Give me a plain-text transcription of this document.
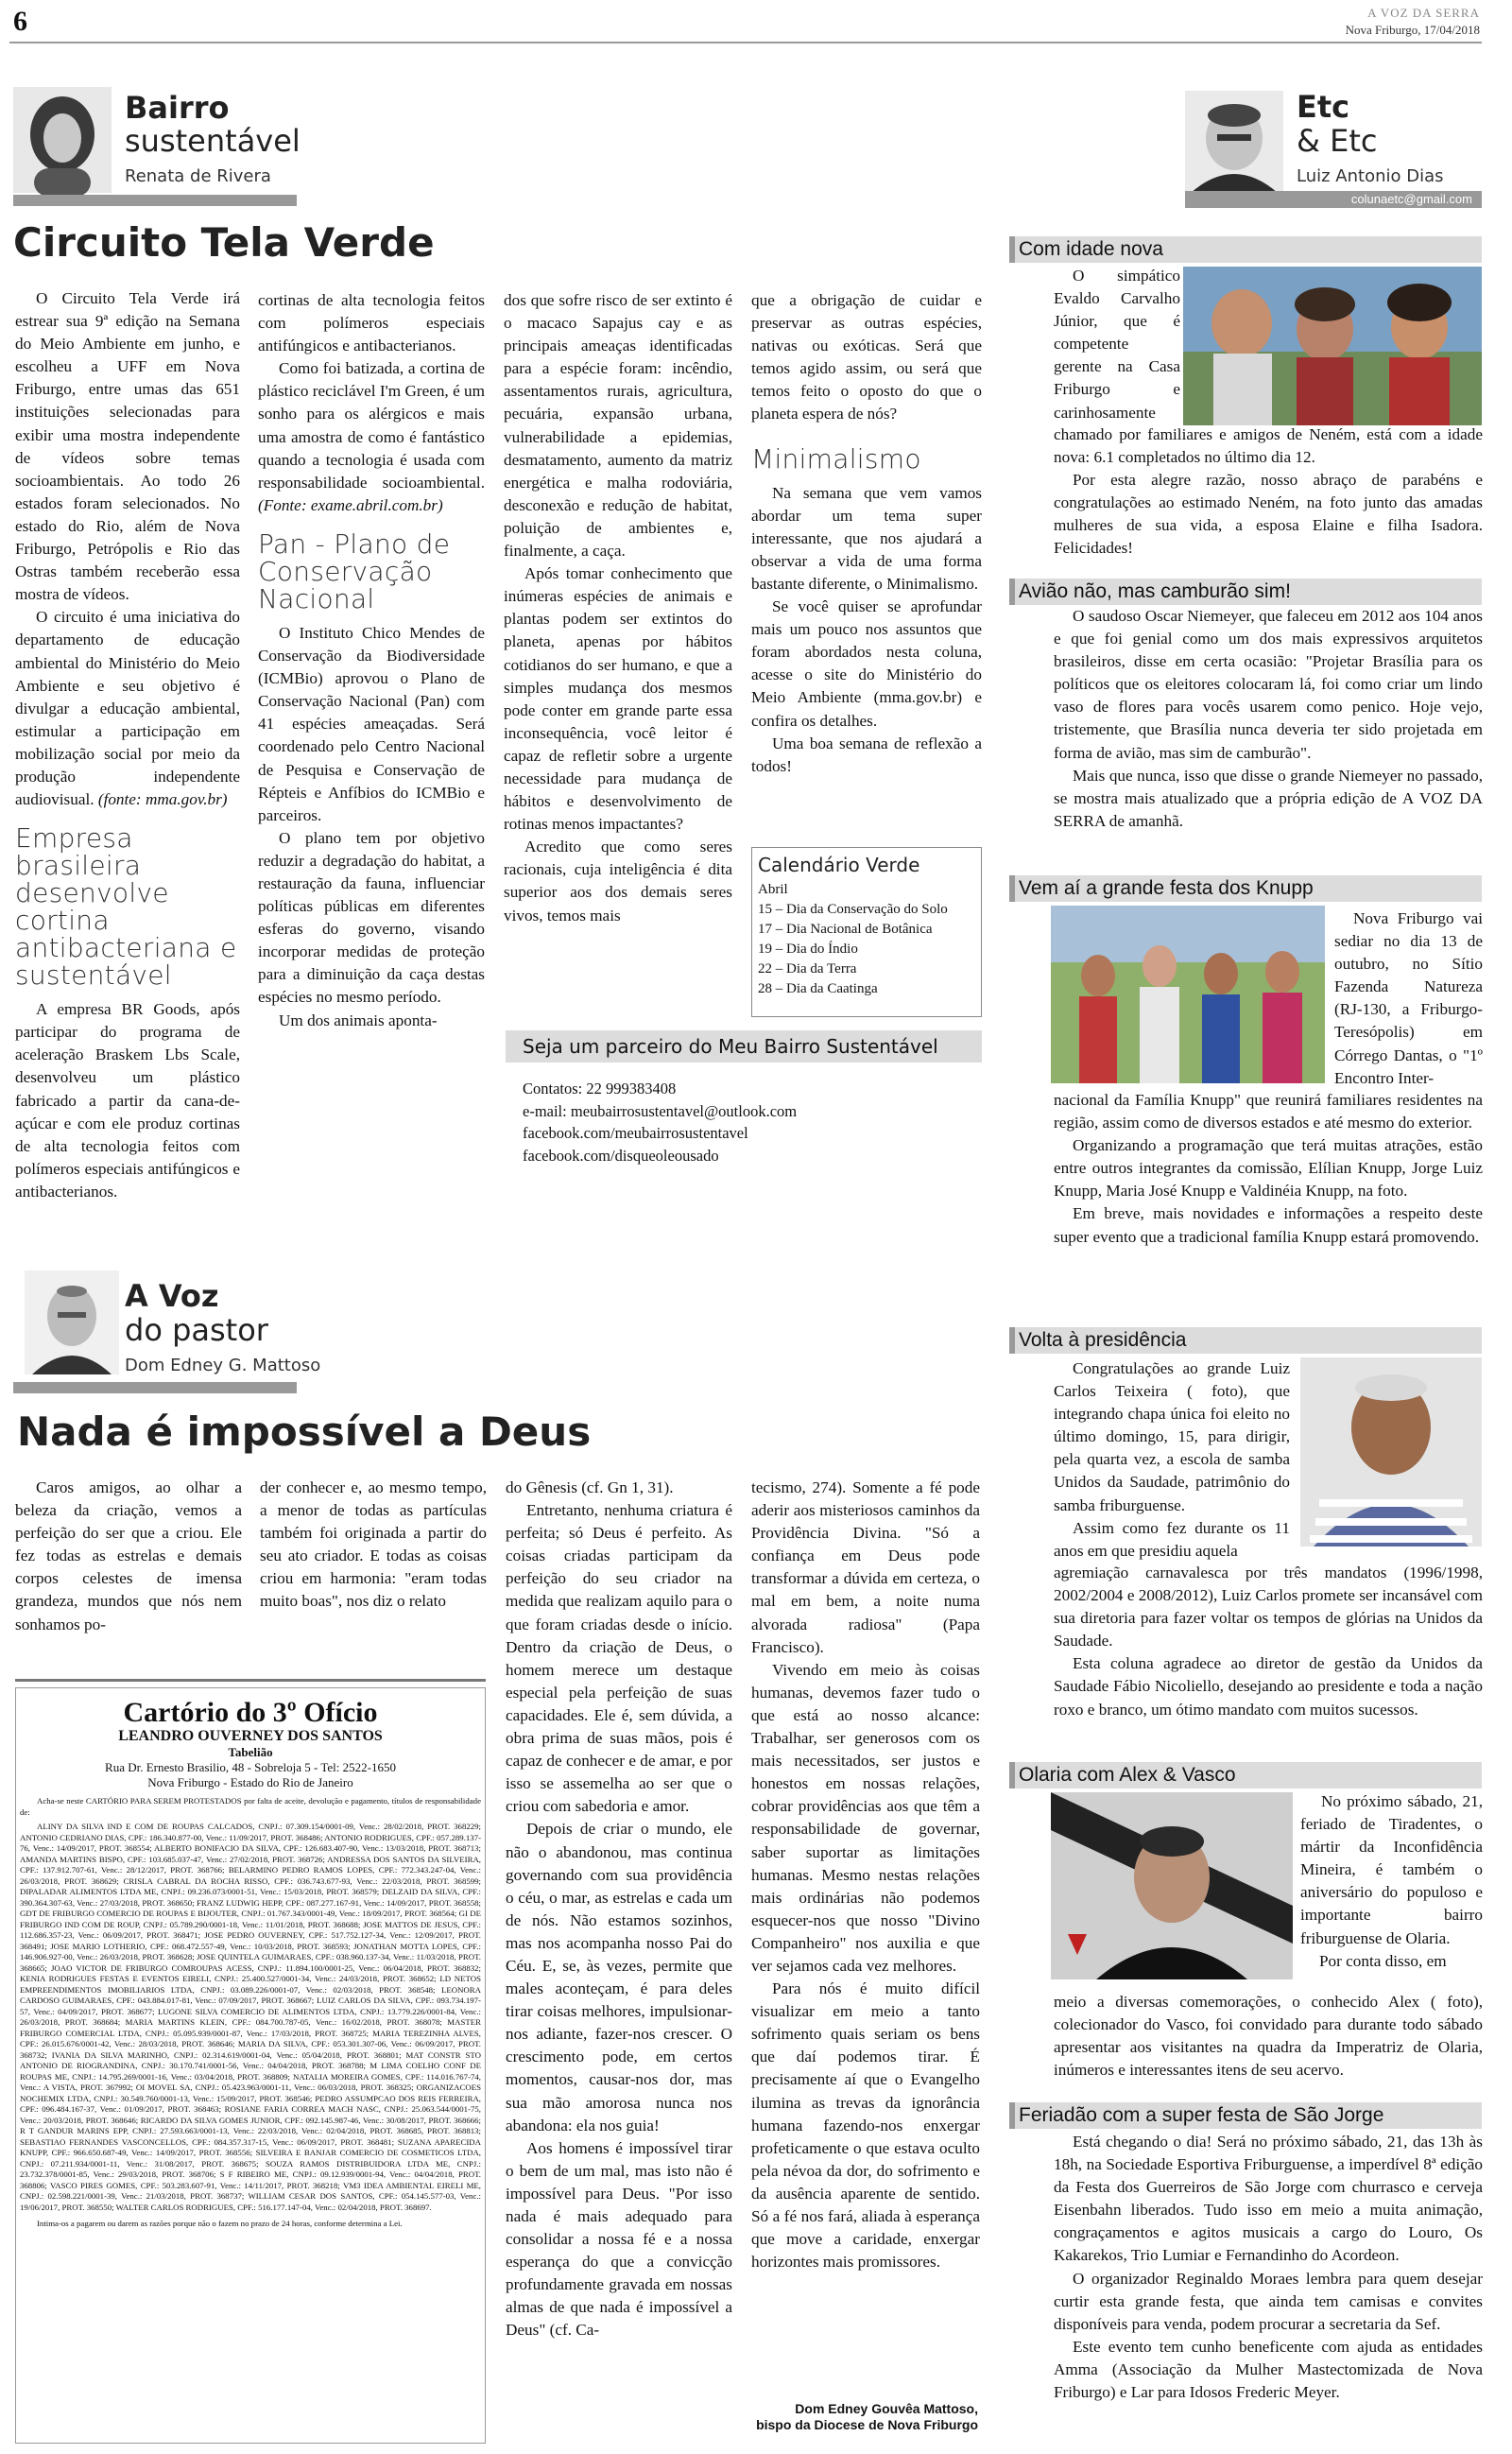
6	A VOZ DA SERRA
Nova Friburgo, 17/04/2018
Bairro
sustentável
Renata de Rivera
Circuito Tela Verde

O Circuito Tela Verde irá estrear sua 9ª edição na Semana do Meio Ambiente em junho, e escolheu a UFF em Nova Friburgo, entre umas das 651 instituições selecionadas para exibir uma mostra independente de vídeos sobre temas socioambientais. Ao todo 26 estados foram selecionados. No estado do Rio, além de Nova Friburgo, Petrópolis e Rio das Ostras também receberão essa mostra de vídeos.

O circuito é uma iniciativa do departamento de educação ambiental do Ministério do Meio Ambiente e seu objetivo é divulgar a educação ambiental, estimular a participação em mobilização social por meio da produção independente audiovisual. (fonte: mma.gov.br)

Empresa brasileira desenvolve cortina antibacteriana e sustentável

A empresa BR Goods, após participar do programa de aceleração Braskem Lbs Scale, desenvolveu um plástico fabricado a partir da cana-de-açúcar e com ele produz cortinas de alta tecnologia feitos com polímeros especiais antifúngicos e antibacterianos.

cortinas de alta tecnologia feitos com polímeros especiais antifúngicos e antibacterianos.

Como foi batizada, a cortina de plástico reciclável I'm Green, é um sonho para os alérgicos e mais uma amostra de como é fantástico quando a tecnologia é usada com responsabilidade socioambiental. (Fonte: exame.abril.com.br)

Pan - Plano de Conservação Nacional

O Instituto Chico Mendes de Conservação da Biodiversidade (ICMBio) aprovou o Plano de Conservação Nacional (Pan) com 41 espécies ameaçadas. Será coordenado pelo Centro Nacional de Pesquisa e Conservação de Répteis e Anfíbios do ICMBio e parceiros.

O plano tem por objetivo reduzir a degradação do habitat, a restauração da fauna, influenciar políticas públicas em diferentes esferas do governo, visando incorporar medidas de proteção para a diminuição da caça destas espécies no mesmo período.

Um dos animais aponta-

dos que sofre risco de ser extinto é o macaco Sapajus cay e as principais ameaças identificadas para a espécie foram: incêndio, assentamentos rurais, agricultura, pecuária, expansão urbana, vulnerabilidade a epidemias, desmatamento, aumento da matriz energética e malha rodoviária, desconexão e redução de habitat, poluição de ambientes e, finalmente, a caça.

Após tomar conhecimento que inúmeras espécies de animais e plantas podem ser extintos do planeta, apenas por hábitos cotidianos do ser humano, e que a simples mudança dos mesmos pode conter em grande parte essa inconsequência, você leitor é capaz de refletir sobre a urgente necessidade para mudança de hábitos e desenvolvimento de rotinas menos impactantes?

Acredito que como seres racionais, cuja inteligência é dita superior aos dos demais seres vivos, temos mais

que a obrigação de cuidar e preservar as outras espécies, nativas ou exóticas. Será que temos agido assim, ou será que temos feito o oposto do que o planeta espera de nós?

Minimalismo

Na semana que vem vamos abordar um tema super interessante, que nos ajudará a observar a vida de uma forma bastante diferente, o Minimalismo.

Se você quiser se aprofundar mais um pouco nos assuntos que foram abordados nesta coluna, acesse o site do Ministério do Meio Ambiente (mma.gov.br) e confira os detalhes.

Uma boa semana de reflexão a todos!

Calendário Verde
Abril
15 – Dia da Conservação do Solo
17 – Dia Nacional de Botânica
19 – Dia do Índio
22 – Dia da Terra
28 – Dia da Caatinga
Seja um parceiro do Meu Bairro Sustentável
Contatos: 22 999383408
e-mail: meubairrosustentavel@outlook.com
facebook.com/meubairrosustentavel
facebook.com/disqueoleousado
A Voz
do pastor
Dom Edney G. Mattoso
Nada é impossível a Deus

Caros amigos, ao olhar a beleza da criação, vemos a perfeição do ser que a criou. Ele fez todas as estrelas e demais corpos celestes de imensa grandeza, mundos que nós nem sonhamos po-

der conhecer e, ao mesmo tempo, a menor de todas as partículas também foi originada a partir do seu ato criador. E todas as coisas criou em harmonia: "eram todas muito boas", nos diz o relato

do Gênesis (cf. Gn 1, 31).

Entretanto, nenhuma criatura é perfeita; só Deus é perfeito. As coisas criadas participam da perfeição do seu criador na medida que realizam aquilo para o que foram criadas desde o início. Dentro da criação de Deus, o homem merece um destaque especial pela perfeição de suas capacidades. Ele é, sem dúvida, a obra prima de suas mãos, pois é capaz de conhecer e de amar, e por isso se assemelha ao ser que o criou com sabedoria e amor.

Depois de criar o mundo, ele não o abandonou, mas continua governando com sua providência o céu, o mar, as estrelas e cada um de nós. Não estamos sozinhos, mas nos acompanha nosso Pai do Céu. E, se, às vezes, permite que males aconteçam, é para deles tirar coisas melhores, impulsionar-nos adiante, fazer-nos crescer. O crescimento pode, em certos momentos, causar-nos dor, mas sua mão amorosa nunca nos abandona: ela nos guia!

Aos homens é impossível tirar o bem de um mal, mas isto não é impossível para Deus. "Por isso nada é mais adequado para consolidar a nossa fé e a nossa esperança do que a convicção profundamente gravada em nossas almas de que nada é impossível a Deus" (cf. Ca-

tecismo, 274). Somente a fé pode aderir aos misteriosos caminhos da Providência Divina. "Só a confiança em Deus pode transformar a dúvida em certeza, o mal em bem, a noite numa alvorada radiosa" (Papa Francisco).

Vivendo em meio às coisas humanas, devemos fazer tudo o que está ao nosso alcance: Trabalhar, ser generosos com os mais necessitados, ser justos e honestos em nossas relações, cobrar providências aos que têm a responsabilidade de governar, saber suportar as limitações humanas. Mesmo nestas relações mais ordinárias não podemos esquecer-nos que nosso "Divino Companheiro" nos auxilia e que ver sejamos cada vez melhores.

Para nós é muito difícil visualizar em meio a tanto sofrimento quais seriam os bens que daí podemos tirar. É precisamente aí que o Evangelho ilumina as trevas da ignorância humana fazendo-nos enxergar profeticamente o que estava oculto pela névoa da dor, do sofrimento e da ausência aparente de sentido. Só a fé nos fará, aliada à esperança que move a caridade, enxergar horizontes mais promissores.

Dom Edney Gouvêa Mattoso,
bispo da Diocese de Nova Friburgo
Cartório do 3º Ofício
LEANDRO OUVERNEY DOS SANTOS
Tabelião
Rua Dr. Ernesto Brasilio, 48 - Sobreloja 5 - Tel: 2522-1650
Nova Friburgo - Estado do Rio de Janeiro
Acha-se neste CARTÓRIO PARA SEREM PROTESTADOS por falta de aceite, devolução e pagamento, títulos de responsabilidade de:
ALINY DA SILVA IND E COM DE ROUPAS CALCADOS, CNPJ.: 07.309.154/0001-09, Venc.: 28/02/2018, PROT. 368229; ANTONIO CEDRIANO DIAS, CPF.: 186.340.877-00, Venc.: 11/09/2017, PROT. 368486; ANTONIO RODRIGUES, CPF.: 057.289.137-76, Venc.: 14/09/2017, PROT. 368554; ALBERTO BONIFACIO DA SILVA, CPF.: 126.683.407-90, Venc.: 13/03/2018, PROT. 368713; AMANDA MARTINS BISPO, CPF.: 103.685.037-47, Venc.: 27/02/2018, PROT. 368726; ANDRESSA DOS SANTOS DA SILVEIRA, CPF.: 137.912.707-61, Venc.: 28/12/2017, PROT. 368766; BELARMINO PEDRO RAMOS LOPES, CPF.: 772.343.247-04, Venc.: 26/03/2018, PROT. 368629; CRISLA CABRAL DA ROCHA RISSO, CPF.: 036.743.677-93, Venc.: 22/03/2018, PROT. 368599; DIPALADAR ALIMENTOS LTDA ME, CNPJ.: 09.236.073/0001-51, Venc.: 15/03/2018, PROT. 368579; DELZAID DA SILVA, CPF.: 390.364.307-63, Venc.: 27/03/2018, PROT. 368650; FRANZ LUDWIG HEPP, CPF.: 087.277.167-91, Venc.: 14/09/2017, PROT. 368558; GDT DE FRIBURGO COMERCIO DE ROUPAS E BIJOUTER, CNPJ.: 01.767.343/0001-49, Venc.: 18/09/2017, PROT. 368564; GI DE FRIBURGO IND COM DE ROUP, CNPJ.: 05.789.290/0001-18, Venc.: 11/01/2018, PROT. 368688; JOSE MATTOS DE JESUS, CPF.: 112.686.357-23, Venc.: 06/09/2017, PROT. 368471; JOSE PEDRO OUVERNEY, CPF.: 517.752.127-34, Venc.: 12/09/2017, PROT. 368491; JOSE MARIO LOTHERIO, CPF.: 068.472.557-49, Venc.: 10/03/2018, PROT. 368593; JONATHAN MOTTA LOPES, CPF.: 146.906.927-00, Venc.: 26/03/2018, PROT. 368628; JOSE QUINTELA GUIMARAES, CPF.: 038.960.137-34, Venc.: 11/03/2018, PROT. 368665; JOAO VICTOR DE FRIBURGO COMROUPAS ACESS, CNPJ.: 11.894.100/0001-25, Venc.: 06/04/2018, PROT. 368832; KENIA RODRIGUES FESTAS E EVENTOS EIRELI, CNPJ.: 25.400.527/0001-34, Venc.: 24/03/2018, PROT. 368652; LD NETOS EMPREENDIMENTOS IMOBILIARIOS LTDA, CNPJ.: 03.089.226/0001-07, Venc.: 02/03/2018, PROT. 368548; LEONORA CARDOSO GUIMARAES, CPF.: 043.884.017-81, Venc.: 07/09/2017, PROT. 368667; LUIZ CARLOS DA SILVA, CPF.: 093.734.197-57, Venc.: 04/09/2017, PROT. 368677; LUGONE SILVA COMERCIO DE ALIMENTOS LTDA, CNPJ.: 13.779.226/0001-84, Venc.: 26/03/2018, PROT. 368684; MARIA MARTINS KLEIN, CPF.: 084.700.787-05, Venc.: 16/02/2018, PROT. 368078; MASTER FRIBURGO COMERCIAL LTDA, CNPJ.: 05.095.939/0001-87, Venc.: 17/03/2018, PROT. 368725; MARIA TEREZINHA ALVES, CPF.: 26.015.676/0001-42, Venc.: 28/03/2018, PROT. 368646; MARIA DA SILVA, CPF.: 053.301.307-06, Venc.: 06/09/2017, PROT. 368732; IVANIA DA SILVA MARINHO, CNPJ.: 02.314.619/0001-04, Venc.: 05/04/2018, PROT. 368801; MAT CONSTR STO ANTONIO DE RIOGRANDINA, CNPJ.: 30.170.741/0001-56, Venc.: 04/04/2018, PROT. 368788; M LIMA COELHO CONF DE ROUPAS ME, CNPJ.: 14.795.269/0001-16, Venc.: 03/04/2018, PROT. 368809; NATALIA MOREIRA GOMES, CPF.: 114.016.767-74, Venc.: A VISTA, PROT. 367992; OI MOVEL SA, CNPJ.: 05.423.963/0001-11, Venc.: 06/03/2018, PROT. 368325; ORGANIZACOES NOCHEMIX LTDA, CNPJ.: 30.549.760/0001-13, Venc.: 15/09/2017, PROT. 368546; PEDRO ASSUMPCAO DOS REIS FERREIRA, CPF.: 096.484.167-37, Venc.: 01/09/2017, PROT. 368463; ROSIANE FARIA CORREA MACH NASC, CNPJ.: 25.063.544/0001-75, Venc.: 20/03/2018, PROT. 368646; RICARDO DA SILVA GOMES JUNIOR, CPF.: 092.145.987-46, Venc.: 30/08/2017, PROT. 368666; R T GANDUR MARINS EPP, CNPJ.: 27.593.663/0001-13, Venc.: 22/03/2018, Venc.: 02/04/2018, PROT. 368685, PROT. 368813; SEBASTIAO FERNANDES VASCONCELLOS, CPF.: 084.357.317-15, Venc.: 06/09/2017, PROT. 368481; SUZANA APARECIDA KNUPP, CPF.: 966.650.687-49, Venc.: 14/09/2017, PROT. 368556; SILVEIRA E BANJAR COMERCIO DE COSMETICOS LTDA, CNPJ.: 07.211.934/0001-11, Venc.: 31/08/2017, PROT. 368675; SOUZA RAMOS DISTRIBUIDORA LTDA ME, CNPJ.: 23.732.378/0001-85, Venc.: 29/03/2018, PROT. 368706; S F RIBEIRO ME, CNPJ.: 09.12.939/0001-94, Venc.: 04/04/2018, PROT. 368806; VASCO PIRES GOMES, CPF.: 503.283.607-91, Venc.: 14/11/2017, PROT. 368218; VM3 IDEA AMBIENTAL EIRELI ME, CNPJ.: 02.598.221/0001-39, Venc.: 21/03/2018, PROT. 368737; WILLIAM CESAR DOS SANTOS, CPF.: 054.145.577-03, Venc.: 19/06/2017, PROT. 368550; WALTER CARLOS RODRIGUES, CPF.: 516.177.147-04, Venc.: 02/04/2018, PROT. 368697.
Intima-os a pagarem ou darem as razões porque não o fazem no prazo de 24 horas, conforme determina a Lei.
Etc
& Etc
Luiz Antonio Dias
colunaetc@gmail.com
Com idade nova

O simpático Evaldo Carvalho Júnior, que é competente gerente na Casa Friburgo e carinhosamente

chamado por familiares e amigos de Neném, está com a idade nova: 6.1 completados no último dia 12.

Por esta alegre razão, nosso abraço de parabéns e congratulações ao estimado Neném, na foto junto das amadas mulheres de sua vida, a esposa Elaine e filha Isadora. Felicidades!

Avião não, mas camburão sim!

O saudoso Oscar Niemeyer, que faleceu em 2012 aos 104 anos e que foi genial como um dos mais expressivos arquitetos brasileiros, disse em certa ocasião: "Projetar Brasília para os políticos que os eleitores colocaram lá, foi como criar um lindo vaso de flores para vocês usarem como penico. Hoje vejo, tristemente, que Brasília nunca deveria ter sido projetada em forma de avião, mas sim de camburão".

Mais que nunca, isso que disse o grande Niemeyer no passado, se mostra mais atualizado que a própria edição de A VOZ DA SERRA de amanhã.

Vem aí a grande festa dos Knupp

Nova Friburgo vai sediar no dia 13 de outubro, no Sítio Fazenda Natureza (RJ-130, a Friburgo-Teresópolis) em Córrego Dantas, o "1º Encontro Inter-

nacional da Família Knupp" que reunirá familiares residentes na região, assim como de diversos estados e até mesmo do exterior.

Organizando a programação que terá muitas atrações, estão entre outros integrantes da comissão, Elílian Knupp, Jorge Luiz Knupp, Maria José Knupp e Valdinéia Knupp, na foto.

Em breve, mais novidades e informações a respeito deste super evento que a tradicional família Knupp estará promovendo.

Volta à presidência

Congratulações ao grande Luiz Carlos Teixeira ( foto), que integrando chapa única foi eleito no último domingo, 15, para dirigir, pela quarta vez, a escola de samba Unidos da Saudade, patrimônio do samba friburguense.

Assim como fez durante os 11 anos em que presidiu aquela

agremiação carnavalesca por três mandatos (1996/1998, 2002/2004 e 2008/2012), Luiz Carlos promete ser incansável com sua diretoria para fazer voltar os tempos de glórias na Unidos da Saudade.

Esta coluna agradece ao diretor de gestão da Unidos da Saudade Fábio Nicoliello, desejando ao presidente e toda a nação roxo e branco, um ótimo mandato com muitos sucessos.

Olaria com Alex & Vasco

No próximo sábado, 21, feriado de Tiradentes, o mártir da Inconfidência Mineira, é também o aniversário do populoso e importante bairro friburguense de Olaria.

Por conta disso, em

meio a diversas comemorações, o conhecido Alex ( foto), colecionador do Vasco, foi convidado para durante todo sábado apresentar aos visitantes na quadra da Imperatriz de Olaria, inúmeros e interessantes itens de seu acervo.

Feriadão com a super festa de São Jorge

Está chegando o dia! Será no próximo sábado, 21, das 13h às 18h, na Sociedade Esportiva Friburguense, a imperdível 8ª edição da Festa dos Guerreiros de São Jorge com churrasco e cerveja Eisenbahn liberados. Tudo isso em meio a muita animação, congraçamentos e agitos musicais a cargo do Louro, Os Kakarekos, Trio Lumiar e Fernandinho do Acordeon.

O organizador Reginaldo Moraes lembra para quem desejar curtir esta grande festa, que ainda tem camisas e convites disponíveis para venda, podem procurar a secretaria da Sef.

Este evento tem cunho beneficente com ajuda as entidades Amma (Associação da Mulher Mastectomizada de Nova Friburgo) e Lar para Idosos Frederic Meyer.
